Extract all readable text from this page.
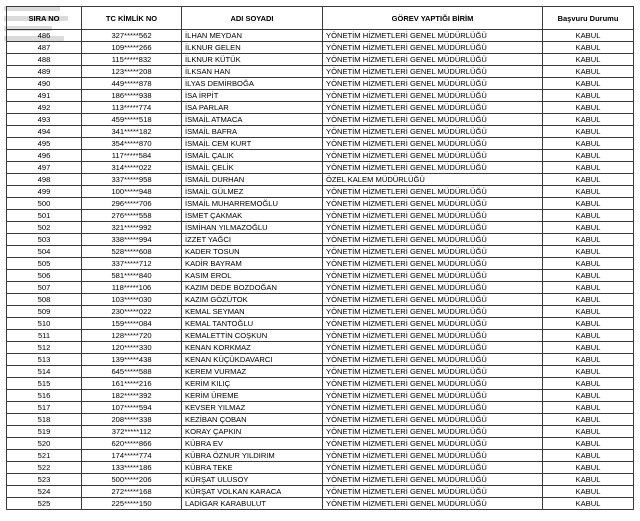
SIRA NO	TC KİMLİK NO	ADI SOYADI	GÖREV YAPTIĞI BİRİM	Başvuru Durumu
486	327*****562	İLHAN MEYDAN	YÖNETİM HİZMETLERİ GENEL MÜDÜRLÜĞÜ	KABUL
487	109*****266	İLKNUR GELEN	YÖNETİM HİZMETLERİ GENEL MÜDÜRLÜĞÜ	KABUL
488	115*****832	İLKNUR KÜTÜK	YÖNETİM HİZMETLERİ GENEL MÜDÜRLÜĞÜ	KABUL
489	123*****208	İLKSAN HAN	YÖNETİM HİZMETLERİ GENEL MÜDÜRLÜĞÜ	KABUL
490	449*****878	İLYAS DEMİRBOĞA	YÖNETİM HİZMETLERİ GENEL MÜDÜRLÜĞÜ	KABUL
491	186*****938	İSA İRPİT	YÖNETİM HİZMETLERİ GENEL MÜDÜRLÜĞÜ	KABUL
492	113*****774	İSA PARLAR	YÖNETİM HİZMETLERİ GENEL MÜDÜRLÜĞÜ	KABUL
493	459*****518	İSMAİL ATMACA	YÖNETİM HİZMETLERİ GENEL MÜDÜRLÜĞÜ	KABUL
494	341*****182	İSMAİL BAFRA	YÖNETİM HİZMETLERİ GENEL MÜDÜRLÜĞÜ	KABUL
495	354*****870	İSMAİL CEM KURT	YÖNETİM HİZMETLERİ GENEL MÜDÜRLÜĞÜ	KABUL
496	117*****584	İSMAİL ÇALIK	YÖNETİM HİZMETLERİ GENEL MÜDÜRLÜĞÜ	KABUL
497	314*****022	İSMAİL ÇELİK	YÖNETİM HİZMETLERİ GENEL MÜDÜRLÜĞÜ	KABUL
498	337*****958	İSMAİL DURHAN	ÖZEL KALEM MÜDÜRLÜĞÜ	KABUL
499	100*****948	İSMAİL GÜLMEZ	YÖNETİM HİZMETLERİ GENEL MÜDÜRLÜĞÜ	KABUL
500	296*****706	İSMAİL MUHARREMOĞLU	YÖNETİM HİZMETLERİ GENEL MÜDÜRLÜĞÜ	KABUL
501	276*****558	İSMET ÇAKMAK	YÖNETİM HİZMETLERİ GENEL MÜDÜRLÜĞÜ	KABUL
502	321*****992	İSMİHAN YILMAZOĞLU	YÖNETİM HİZMETLERİ GENEL MÜDÜRLÜĞÜ	KABUL
503	338*****994	İZZET YAĞCI	YÖNETİM HİZMETLERİ GENEL MÜDÜRLÜĞÜ	KABUL
504	528*****608	KADER TOSUN	YÖNETİM HİZMETLERİ GENEL MÜDÜRLÜĞÜ	KABUL
505	337*****712	KADİR BAYRAM	YÖNETİM HİZMETLERİ GENEL MÜDÜRLÜĞÜ	KABUL
506	581*****840	KASIM EROL	YÖNETİM HİZMETLERİ GENEL MÜDÜRLÜĞÜ	KABUL
507	118*****106	KAZIM DEDE BOZDOĞAN	YÖNETİM HİZMETLERİ GENEL MÜDÜRLÜĞÜ	KABUL
508	103*****030	KAZIM GÖZÜTOK	YÖNETİM HİZMETLERİ GENEL MÜDÜRLÜĞÜ	KABUL
509	230*****022	KEMAL SEYMAN	YÖNETİM HİZMETLERİ GENEL MÜDÜRLÜĞÜ	KABUL
510	159*****084	KEMAL TANTOĞLU	YÖNETİM HİZMETLERİ GENEL MÜDÜRLÜĞÜ	KABUL
511	128*****720	KEMALETTİN COŞKUN	YÖNETİM HİZMETLERİ GENEL MÜDÜRLÜĞÜ	KABUL
512	120*****330	KENAN KORKMAZ	YÖNETİM HİZMETLERİ GENEL MÜDÜRLÜĞÜ	KABUL
513	139*****438	KENAN KÜÇÜKDAVARCI	YÖNETİM HİZMETLERİ GENEL MÜDÜRLÜĞÜ	KABUL
514	645*****588	KEREM VURMAZ	YÖNETİM HİZMETLERİ GENEL MÜDÜRLÜĞÜ	KABUL
515	161*****216	KERİM KILIÇ	YÖNETİM HİZMETLERİ GENEL MÜDÜRLÜĞÜ	KABUL
516	182*****392	KERİM ÜREME	YÖNETİM HİZMETLERİ GENEL MÜDÜRLÜĞÜ	KABUL
517	107*****594	KEVSER YILMAZ	YÖNETİM HİZMETLERİ GENEL MÜDÜRLÜĞÜ	KABUL
518	208*****338	KEZİBAN ÇOBAN	YÖNETİM HİZMETLERİ GENEL MÜDÜRLÜĞÜ	KABUL
519	372*****112	KORAY ÇAPKIN	YÖNETİM HİZMETLERİ GENEL MÜDÜRLÜĞÜ	KABUL
520	620*****866	KÜBRA EV	YÖNETİM HİZMETLERİ GENEL MÜDÜRLÜĞÜ	KABUL
521	174*****774	KÜBRA ÖZNUR YILDIRIM	YÖNETİM HİZMETLERİ GENEL MÜDÜRLÜĞÜ	KABUL
522	133*****186	KÜBRA TEKE	YÖNETİM HİZMETLERİ GENEL MÜDÜRLÜĞÜ	KABUL
523	500*****206	KÜRŞAT ULUSOY	YÖNETİM HİZMETLERİ GENEL MÜDÜRLÜĞÜ	KABUL
524	272*****168	KÜRŞAT VOLKAN KARACA	YÖNETİM HİZMETLERİ GENEL MÜDÜRLÜĞÜ	KABUL
525	225*****150	LADİGAR KARABULUT	YÖNETİM HİZMETLERİ GENEL MÜDÜRLÜĞÜ	KABUL
